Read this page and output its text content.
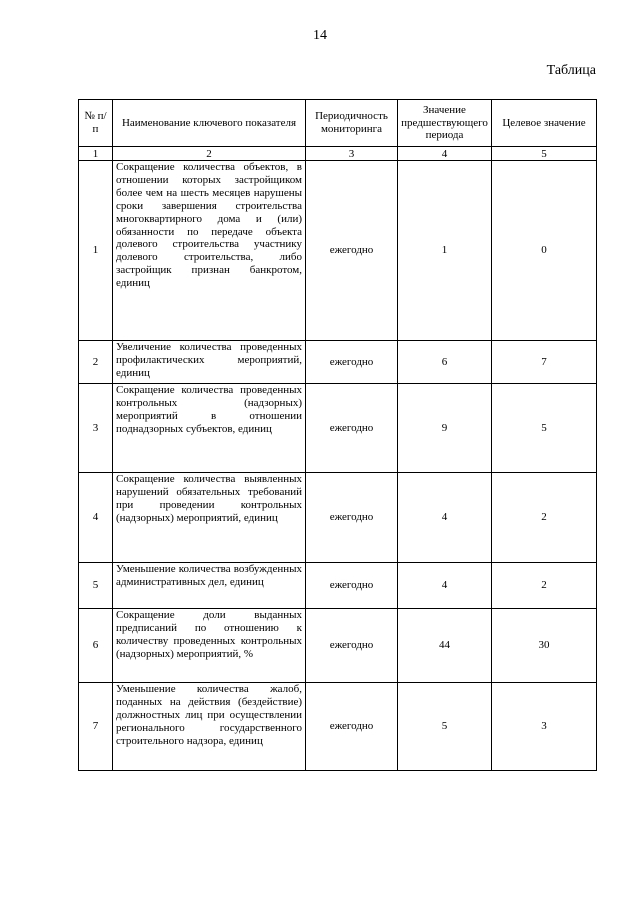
14
Таблица
№ п/п	Наименование ключевого показателя	Периодичность мониторинга	Значение предшествующего периода	Целевое значение
1	2	3	4	5
1	Сокращение количества объектов, в отношении которых застройщиком более чем на шесть месяцев нарушены сроки завершения строительства многоквартирного дома и (или) обязанности по передаче объекта долевого строительства участнику долевого строительства, либо застройщик признан банкротом, единиц	ежегодно	1	0
2	Увеличение количества проведенных профилактических мероприятий, единиц	ежегодно	6	7
3	Сокращение количества проведенных контрольных (надзорных) мероприятий в отношении поднадзорных субъектов, единиц	ежегодно	9	5
4	Сокращение количества выявленных нарушений обязательных требований при проведении контрольных (надзорных) мероприятий, единиц	ежегодно	4	2
5	Уменьшение количества возбужденных административных дел, единиц	ежегодно	4	2
6	Сокращение доли выданных предписаний по отношению к количеству проведенных контрольных (надзорных) мероприятий, %	ежегодно	44	30
7	Уменьшение количества жалоб, поданных на действия (бездействие) должностных лиц при осуществлении регионального государственного строительного надзора, единиц	ежегодно	5	3
